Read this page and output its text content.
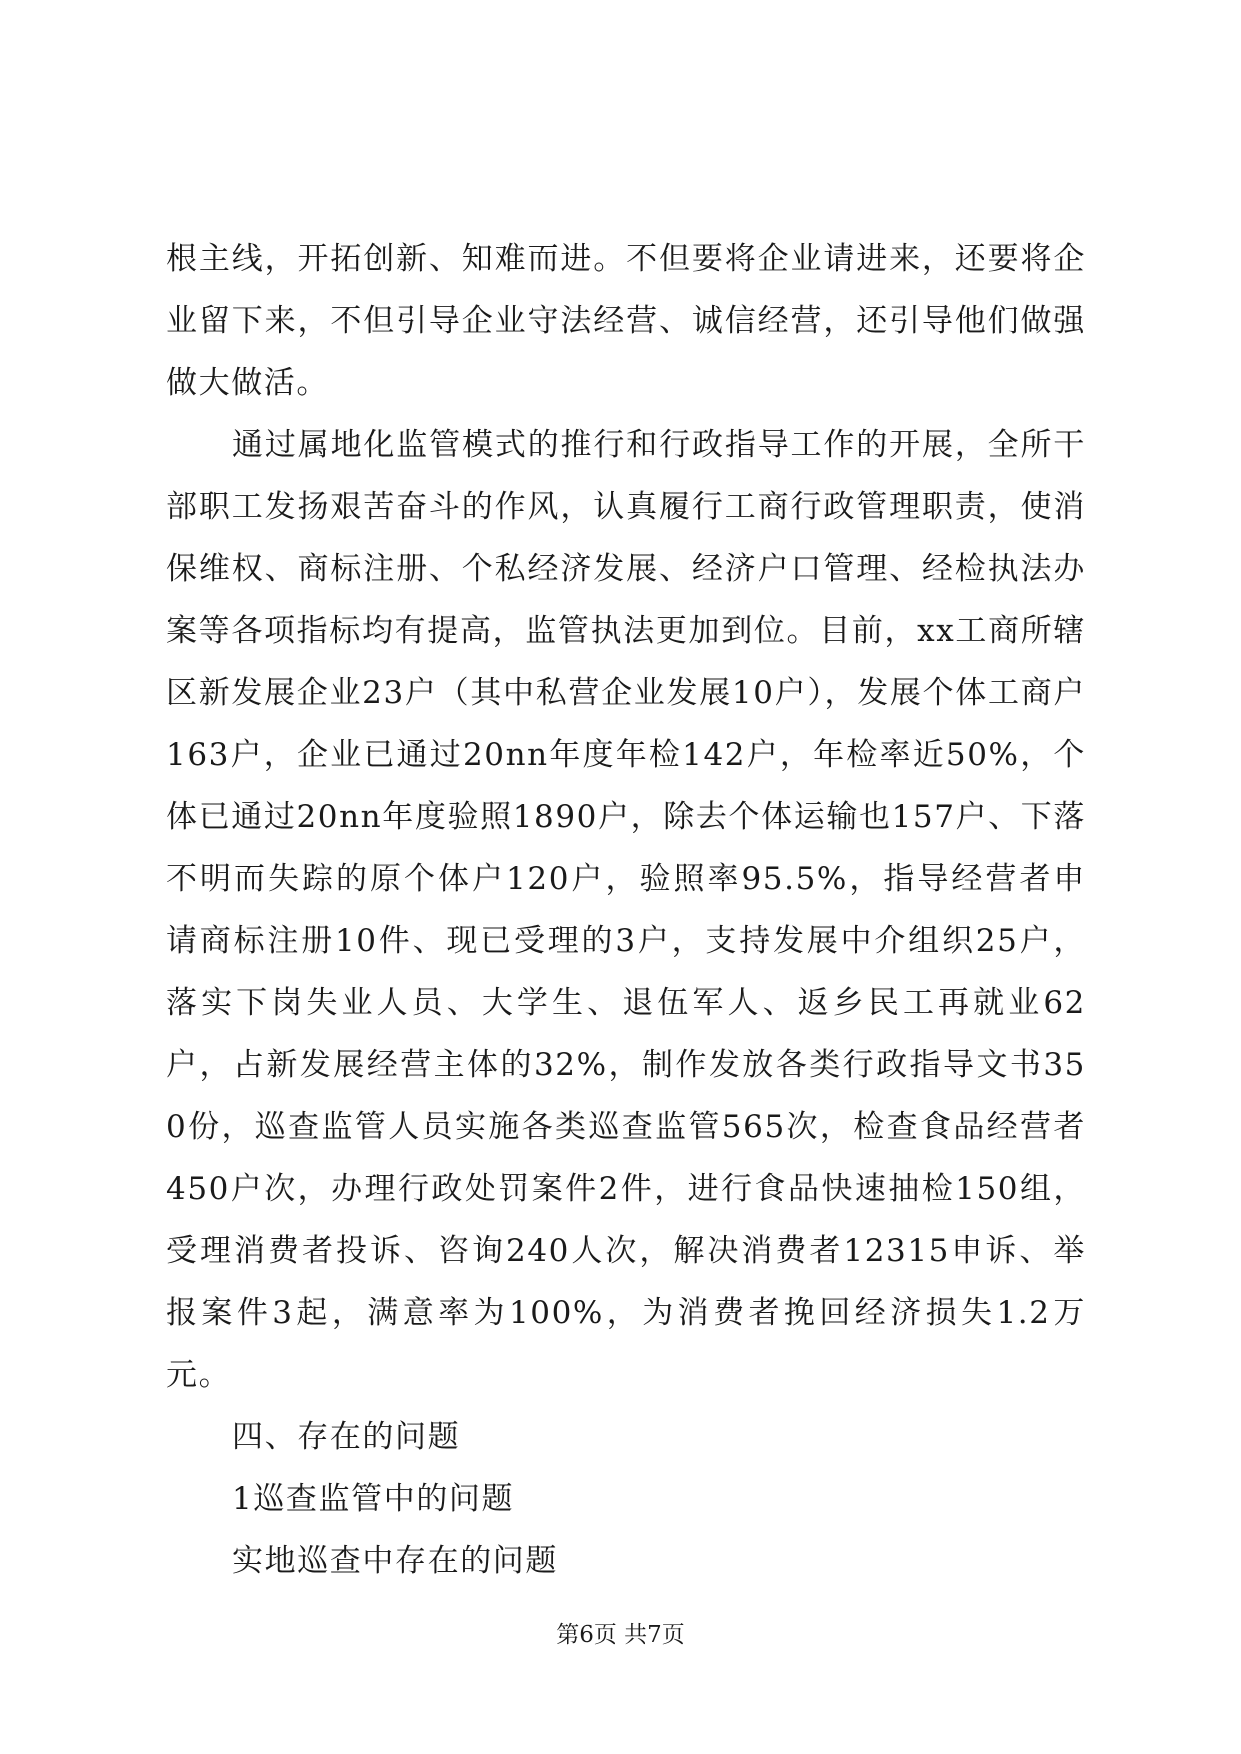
根主线，开拓创新、知难而进。不但要将企业请进来，还要将企业留下来，不但引导企业守法经营、诚信经营，还引导他们做强做大做活。

通过属地化监管模式的推行和行政指导工作的开展，全所干部职工发扬艰苦奋斗的作风，认真履行工商行政管理职责，使消保维权、商标注册、个私经济发展、经济户口管理、经检执法办案等各项指标均有提高，监管执法更加到位。目前，xx工商所辖区新发展企业23户（其中私营企业发展10户），发展个体工商户163户，企业已通过20nn年度年检142户，年检率近50%，个体已通过20nn年度验照1890户，除去个体运输也157户、下落不明而失踪的原个体户120户，验照率95.5%，指导经营者申请商标注册10件、现已受理的3户，支持发展中介组织25户，落实下岗失业人员、大学生、退伍军人、返乡民工再就业62户，占新发展经营主体的32%，制作发放各类行政指导文书350份，巡查监管人员实施各类巡查监管565次，检查食品经营者450户次，办理行政处罚案件2件，进行食品快速抽检150组，受理消费者投诉、咨询240人次，解决消费者12315申诉、举报案件3起，满意率为100%，为消费者挽回经济损失1.2万元。

四、存在的问题

1巡查监管中的问题

实地巡查中存在的问题

第6页 共7页
